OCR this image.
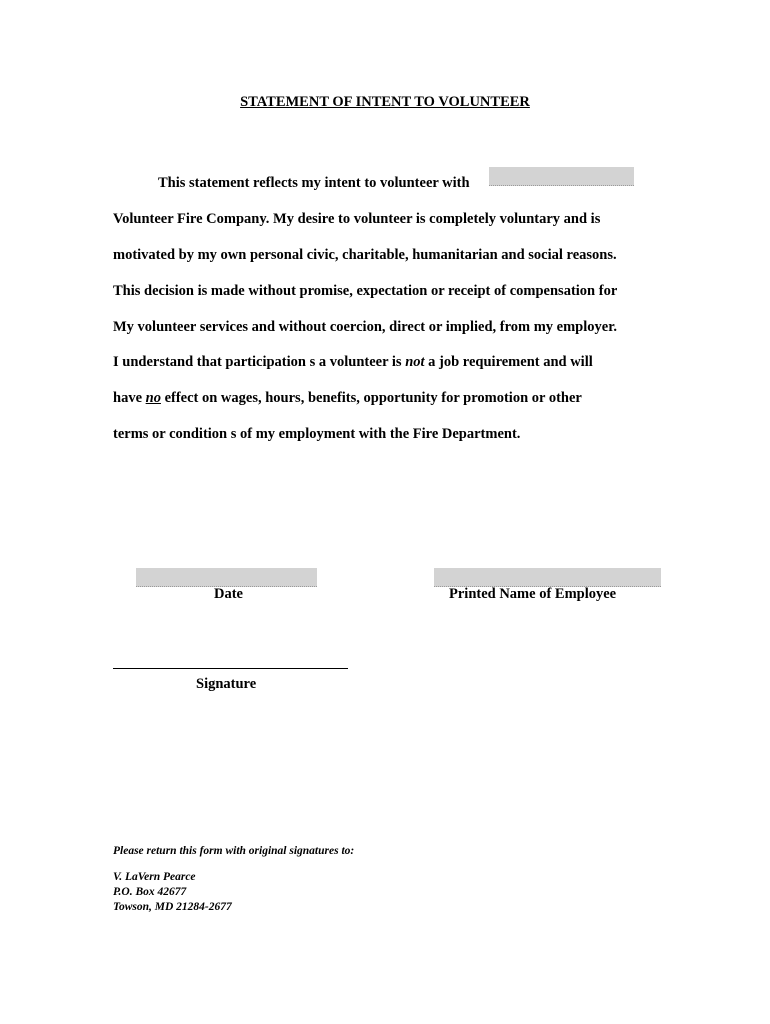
STATEMENT OF INTENT TO VOLUNTEER
This statement reflects my intent to volunteer with
Volunteer Fire Company. My desire to volunteer is completely voluntary and is
motivated by my own personal civic, charitable, humanitarian and social reasons.
This decision is made without promise, expectation or receipt of compensation for
My volunteer services and without coercion, direct or implied, from my employer.
I understand that participation s a volunteer is not a job requirement and will
have no effect on wages, hours, benefits, opportunity for promotion or other
terms or condition s of my employment with the Fire Department.
Date	Printed Name of Employee
Signature
Please return this form with original signatures to:
V. LaVern Pearce
P.O. Box 42677
Towson, MD 21284-2677
